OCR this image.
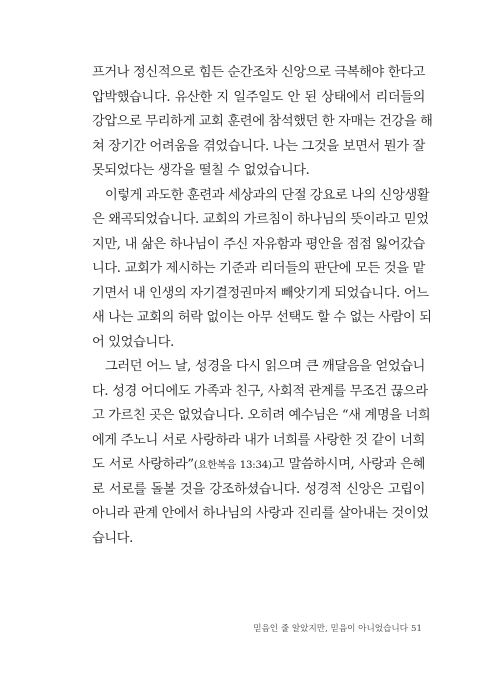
프거나 정신적으로 힘든 순간조차 신앙으로 극복해야 한다고
압박했습니다. 유산한 지 일주일도 안 된 상태에서 리더들의
강압으로 무리하게 교회 훈련에 참석했던 한 자매는 건강을 해
쳐 장기간 어려움을 겪었습니다. 나는 그것을 보면서 뭔가 잘
못되었다는 생각을 떨칠 수 없었습니다.

이렇게 과도한 훈련과 세상과의 단절 강요로 나의 신앙생활
은 왜곡되었습니다. 교회의 가르침이 하나님의 뜻이라고 믿었
지만, 내 삶은 하나님이 주신 자유함과 평안을 점점 잃어갔습
니다. 교회가 제시하는 기준과 리더들의 판단에 모든 것을 맡
기면서 내 인생의 자기결정권마저 빼앗기게 되었습니다. 어느
새 나는 교회의 허락 없이는 아무 선택도 할 수 없는 사람이 되
어 있었습니다.

그러던 어느 날, 성경을 다시 읽으며 큰 깨달음을 얻었습니
다. 성경 어디에도 가족과 친구, 사회적 관계를 무조건 끊으라
고 가르친 곳은 없었습니다. 오히려 예수님은 “새 계명을 너희
에게 주노니 서로 사랑하라 내가 너희를 사랑한 것 같이 너희
도 서로 사랑하라”(요한복음 13:34)고 말씀하시며, 사랑과 은혜
로 서로를 돌볼 것을 강조하셨습니다. 성경적 신앙은 고립이
아니라 관계 안에서 하나님의 사랑과 진리를 살아내는 것이었
습니다.

믿음인 줄 알았지만, 믿음이 아니었습니다 51
